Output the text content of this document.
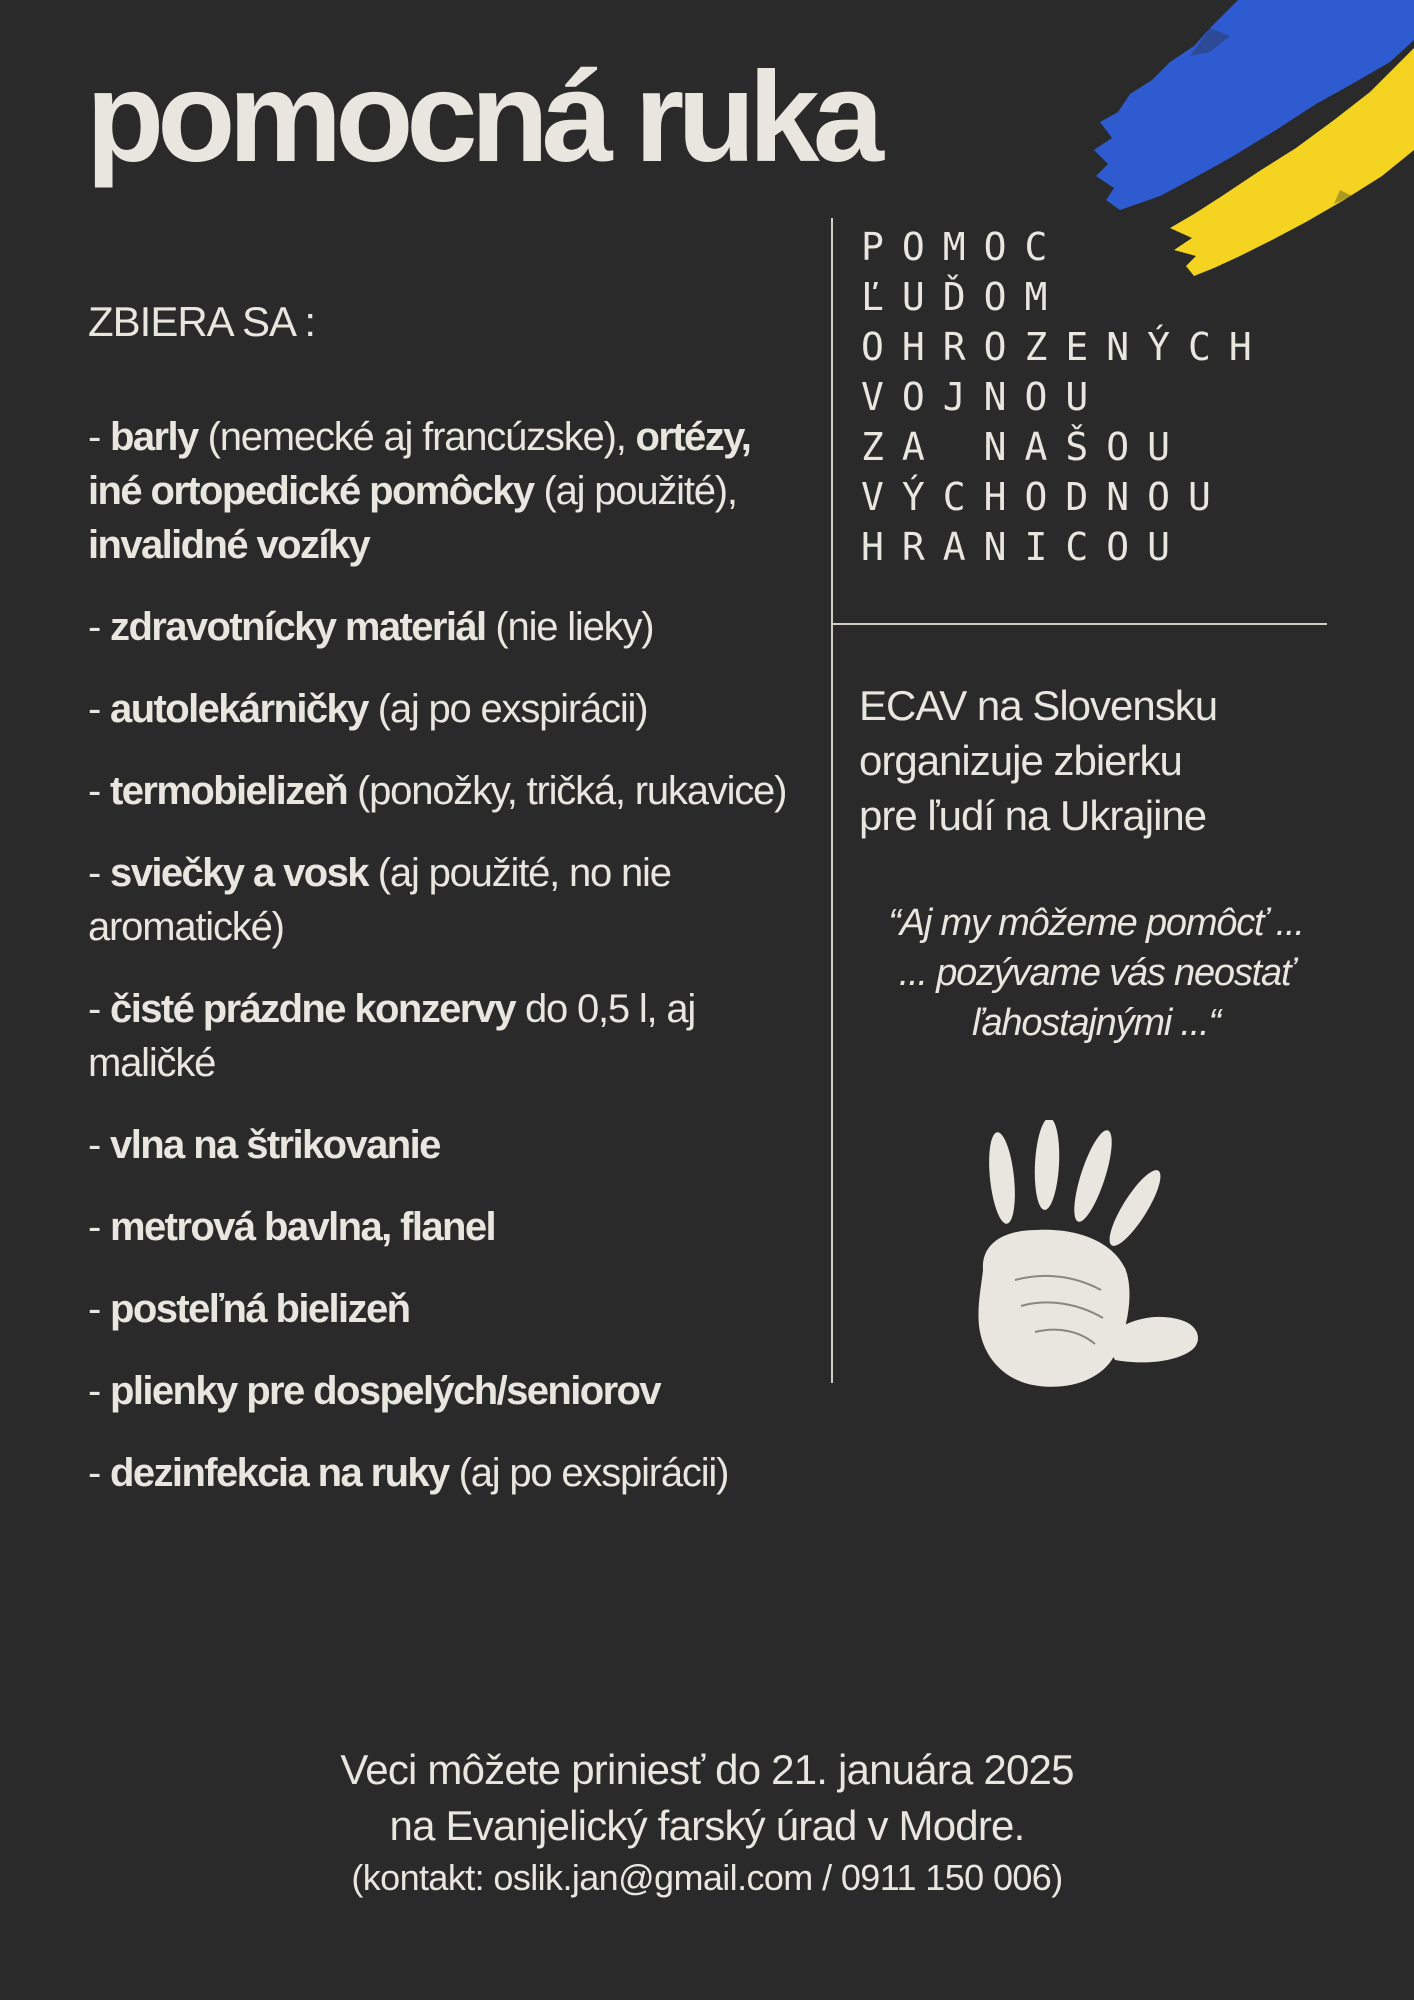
pomocná ruka
ZBIERA SA :
- barly (nemecké aj francúzske), ortézy, iné ortopedické pomôcky (aj použité), invalidné vozíky
- zdravotnícky materiál (nie lieky)
- autolekárničky (aj po exspirácii)
- termobielizeň (ponožky, tričká, rukavice)
- sviečky a vosk (aj použité, no nie aromatické)
- čisté prázdne konzervy do 0,5 l, aj maličké
- vlna na štrikovanie
- metrová bavlna, flanel
- posteľná bielizeň
- plienky pre dospelých/seniorov
- dezinfekcia na ruky (aj po exspirácii)
POMOC
ĽUĎOM
OHROZENÝCH
VOJNOU
ZA NAŠOU
VÝCHODNOU
HRANICOU
ECAV na Slovensku
organizuje zbierku
pre ľudí na Ukrajine
“Aj my môžeme pomôcť ...
... pozývame vás neostať
ľahostajnými ...“

Veci môžete priniesť do 21. januára 2025
na Evanjelický farský úrad v Modre.
(kontakt: oslik.jan@gmail.com / 0911 150 006)
